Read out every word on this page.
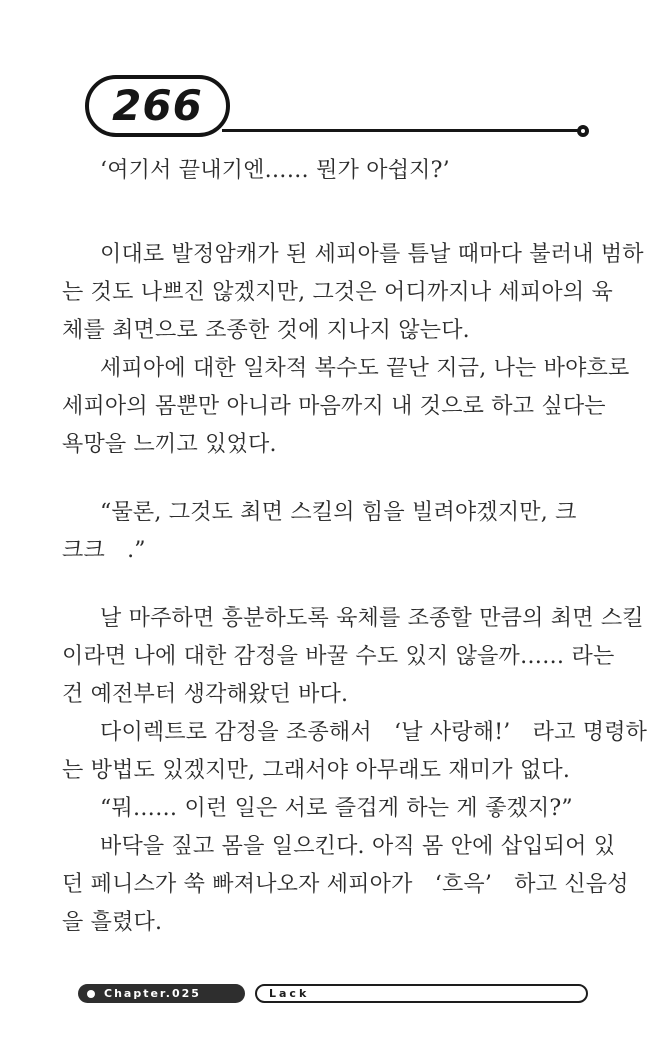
266
‘여기서 끝내기엔…… 뭔가 아쉽지?’
이대로 발정암캐가 된 세피아를 틈날 때마다 불러내 범하
는 것도 나쁘진 않겠지만, 그것은 어디까지나 세피아의 육
체를 최면으로 조종한 것에 지나지 않는다.
세피아에 대한 일차적 복수도 끝난 지금, 나는 바야흐로
세피아의 몸뿐만 아니라 마음까지 내 것으로 하고 싶다는
욕망을 느끼고 있었다.
“물론, 그것도 최면 스킬의 힘을 빌려야겠지만, 크
크크　.”
날 마주하면 흥분하도록 육체를 조종할 만큼의 최면 스킬
이라면 나에 대한 감정을 바꿀 수도 있지 않을까…… 라는
건 예전부터 생각해왔던 바다.
다이렉트로 감정을 조종해서　‘날 사랑해!’　라고 명령하
는 방법도 있겠지만, 그래서야 아무래도 재미가 없다.
“뭐…… 이런 일은 서로 즐겁게 하는 게 좋겠지?”
바닥을 짚고 몸을 일으킨다. 아직 몸 안에 삽입되어 있
던 페니스가 쑥 빠져나오자 세피아가　‘흐윽’　하고 신음성
을 흘렸다.
Chapter.025	Lack
